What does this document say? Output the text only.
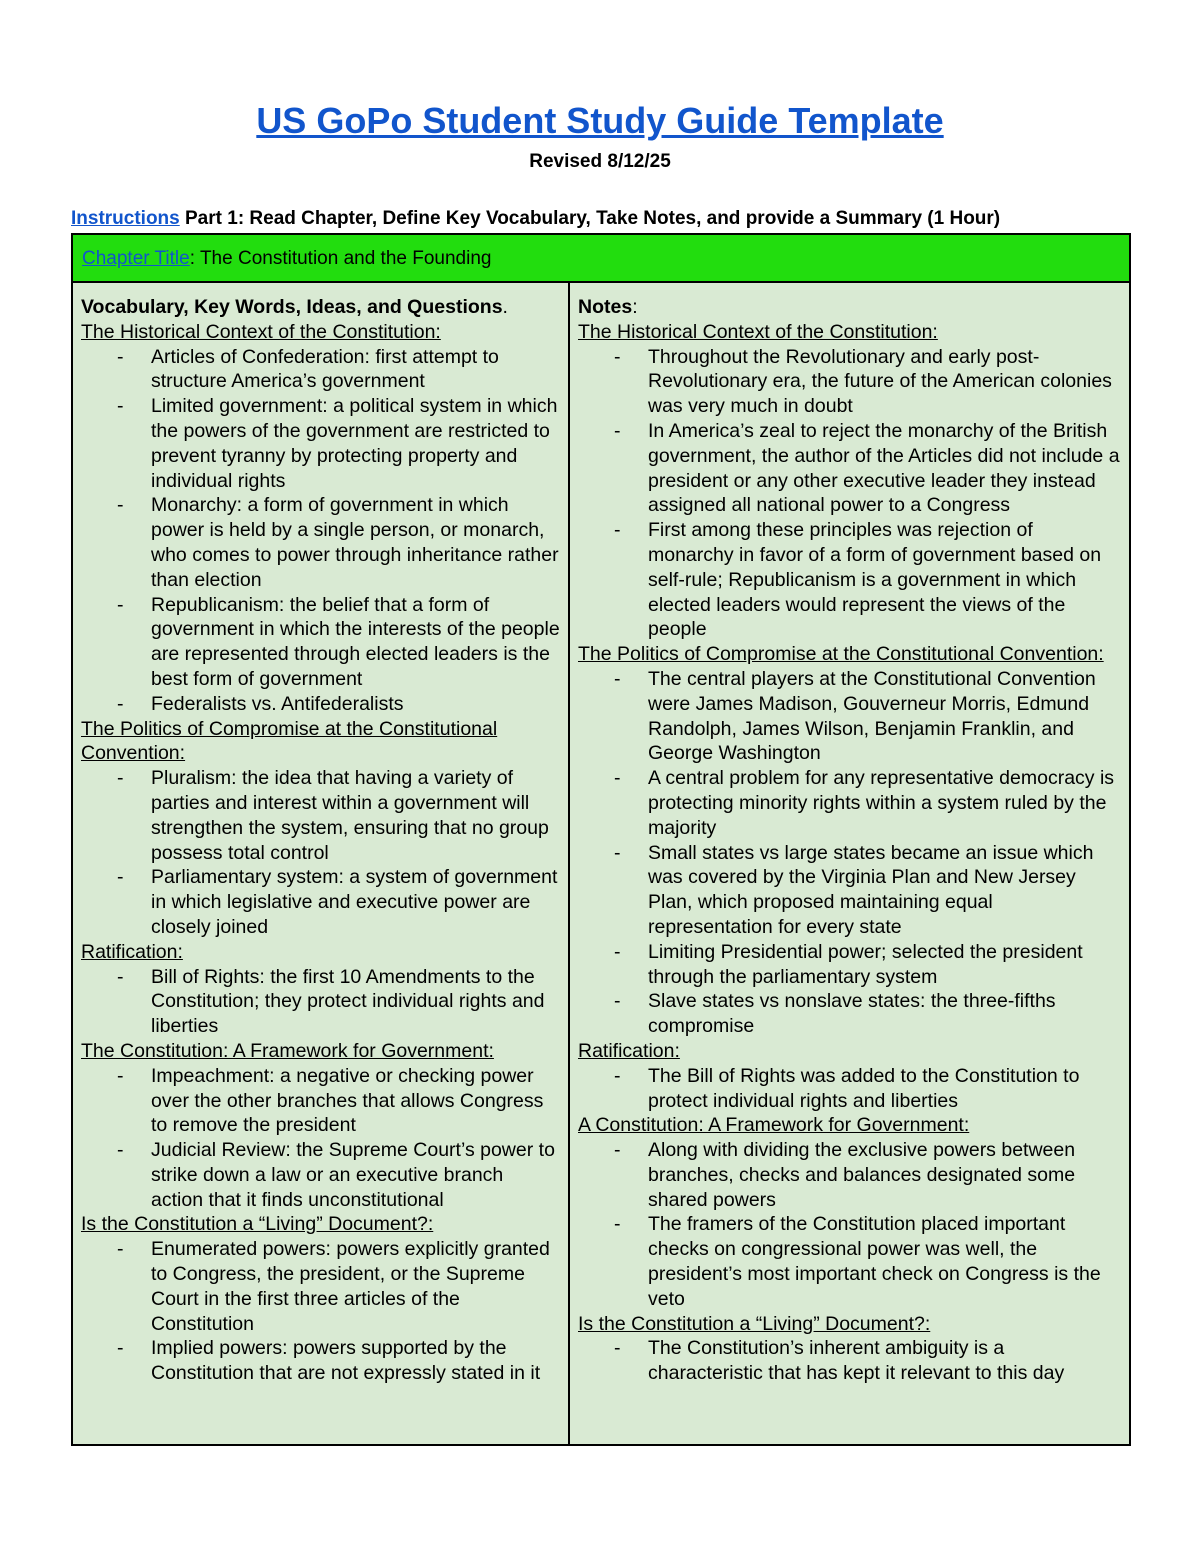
US GoPo Student Study Guide Template
Revised 8/12/25
Instructions Part 1: Read Chapter, Define Key Vocabulary, Take Notes, and provide a Summary (1 Hour)
Chapter Title: The Constitution and the Founding
Vocabulary, Key Words, Ideas, and Questions.
The Historical Context of the Constitution:
- Articles of Confederation: first attempt to structure America’s government
- Limited government: a political system in which the powers of the government are restricted to prevent tyranny by protecting property and individual rights
- Monarchy: a form of government in which power is held by a single person, or monarch, who comes to power through inheritance rather than election
- Republicanism: the belief that a form of government in which the interests of the people are represented through elected leaders is the best form of government
- Federalists vs. Antifederalists
The Politics of Compromise at the Constitutional Convention:
- Pluralism: the idea that having a variety of parties and interest within a government will strengthen the system, ensuring that no group possess total control
- Parliamentary system: a system of government in which legislative and executive power are closely joined
Ratification:
- Bill of Rights: the first 10 Amendments to the Constitution; they protect individual rights and liberties
The Constitution: A Framework for Government:
- Impeachment: a negative or checking power over the other branches that allows Congress to remove the president
- Judicial Review: the Supreme Court’s power to strike down a law or an executive branch action that it finds unconstitutional
Is the Constitution a “Living” Document?:
- Enumerated powers: powers explicitly granted to Congress, the president, or the Supreme Court in the first three articles of the Constitution
- Implied powers: powers supported by the Constitution that are not expressly stated in it
Notes:
The Historical Context of the Constitution:
- Throughout the Revolutionary and early post-Revolutionary era, the future of the American colonies was very much in doubt
- In America’s zeal to reject the monarchy of the British government, the author of the Articles did not include a president or any other executive leader they instead assigned all national power to a Congress
- First among these principles was rejection of monarchy in favor of a form of government based on self-rule; Republicanism is a government in which elected leaders would represent the views of the people
The Politics of Compromise at the Constitutional Convention:
- The central players at the Constitutional Convention were James Madison, Gouverneur Morris, Edmund Randolph, James Wilson, Benjamin Franklin, and George Washington
- A central problem for any representative democracy is protecting minority rights within a system ruled by the majority
- Small states vs large states became an issue which was covered by the Virginia Plan and New Jersey Plan, which proposed maintaining equal representation for every state
- Limiting Presidential power; selected the president through the parliamentary system
- Slave states vs nonslave states: the three-fifths compromise
Ratification:
- The Bill of Rights was added to the Constitution to protect individual rights and liberties
A Constitution: A Framework for Government:
- Along with dividing the exclusive powers between branches, checks and balances designated some shared powers
- The framers of the Constitution placed important checks on congressional power was well, the president’s most important check on Congress is the veto
Is the Constitution a “Living” Document?:
- The Constitution’s inherent ambiguity is a characteristic that has kept it relevant to this day
